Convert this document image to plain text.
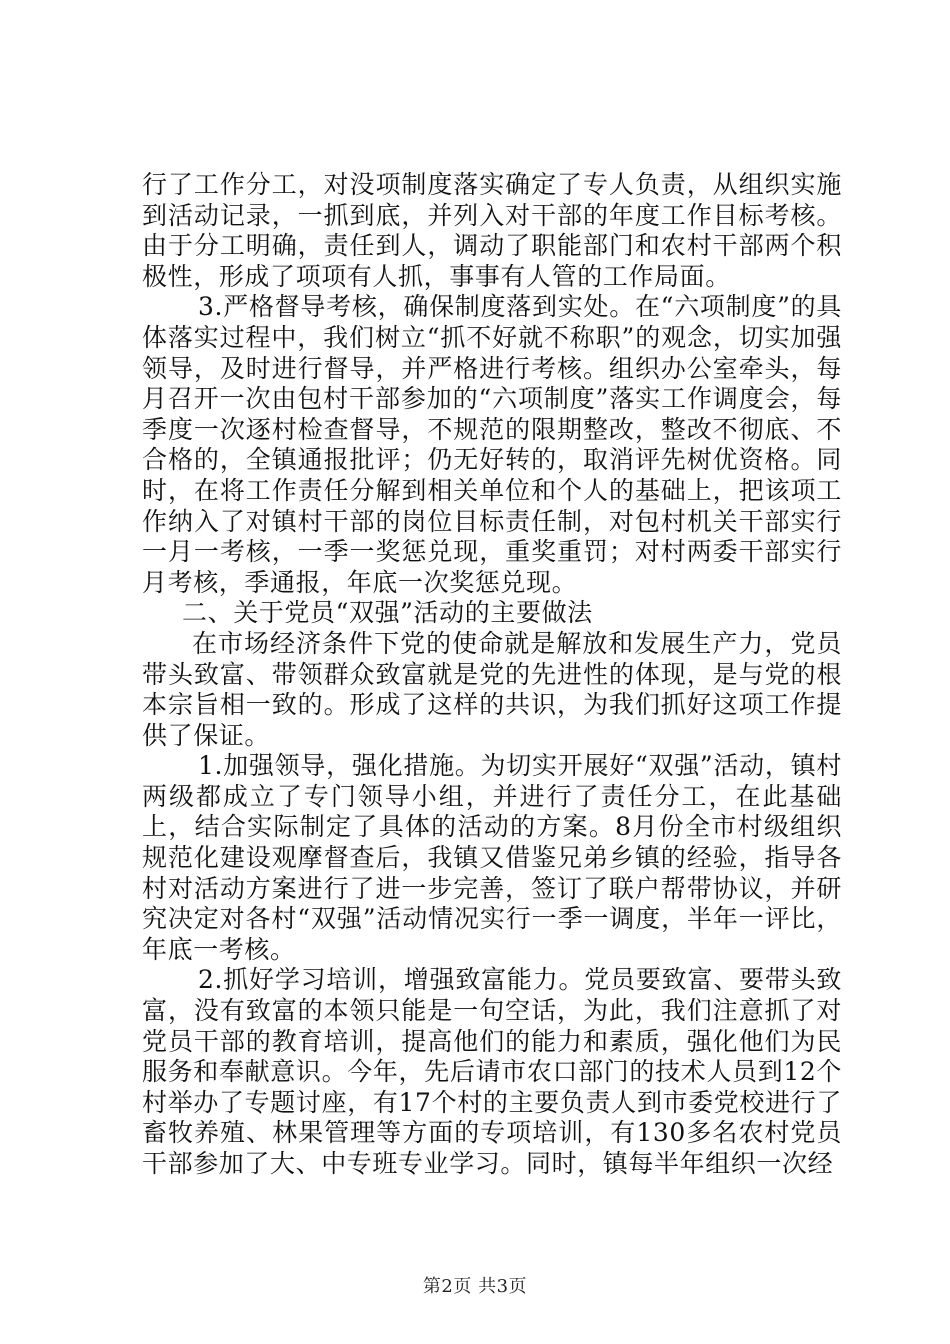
行了工作分工，对没项制度落实确定了专人负责，从组织实施到活动记录，一抓到底，并列入对干部的年度工作目标考核。由于分工明确，责任到人，调动了职能部门和农村干部两个积极性，形成了项项有人抓，事事有人管的工作局面。

3.严格督导考核，确保制度落到实处。在“六项制度”的具体落实过程中，我们树立“抓不好就不称职”的观念，切实加强领导，及时进行督导，并严格进行考核。组织办公室牵头，每月召开一次由包村干部参加的“六项制度”落实工作调度会，每季度一次逐村检查督导，不规范的限期整改，整改不彻底、不合格的，全镇通报批评；仍无好转的，取消评先树优资格。同时，在将工作责任分解到相关单位和个人的基础上，把该项工作纳入了对镇村干部的岗位目标责任制，对包村机关干部实行一月一考核，一季一奖惩兑现，重奖重罚；对村两委干部实行月考核，季通报，年底一次奖惩兑现。

二、关于党员“双强”活动的主要做法

在市场经济条件下党的使命就是解放和发展生产力，党员带头致富、带领群众致富就是党的先进性的体现，是与党的根本宗旨相一致的。形成了这样的共识，为我们抓好这项工作提供了保证。

1.加强领导，强化措施。为切实开展好“双强”活动，镇村两级都成立了专门领导小组，并进行了责任分工，在此基础上，结合实际制定了具体的活动的方案。8月份全市村级组织规范化建设观摩督查后，我镇又借鉴兄弟乡镇的经验，指导各村对活动方案进行了进一步完善，签订了联户帮带协议，并研究决定对各村“双强”活动情况实行一季一调度，半年一评比，年底一考核。

2.抓好学习培训，增强致富能力。党员要致富、要带头致富，没有致富的本领只能是一句空话，为此，我们注意抓了对党员干部的教育培训，提高他们的能力和素质，强化他们为民服务和奉献意识。今年，先后请市农口部门的技术人员到12个村举办了专题讨座，有17个村的主要负责人到市委党校进行了畜牧养殖、林果管理等方面的专项培训，有130多名农村党员干部参加了大、中专班专业学习。同时，镇每半年组织一次经

第2页 共3页
